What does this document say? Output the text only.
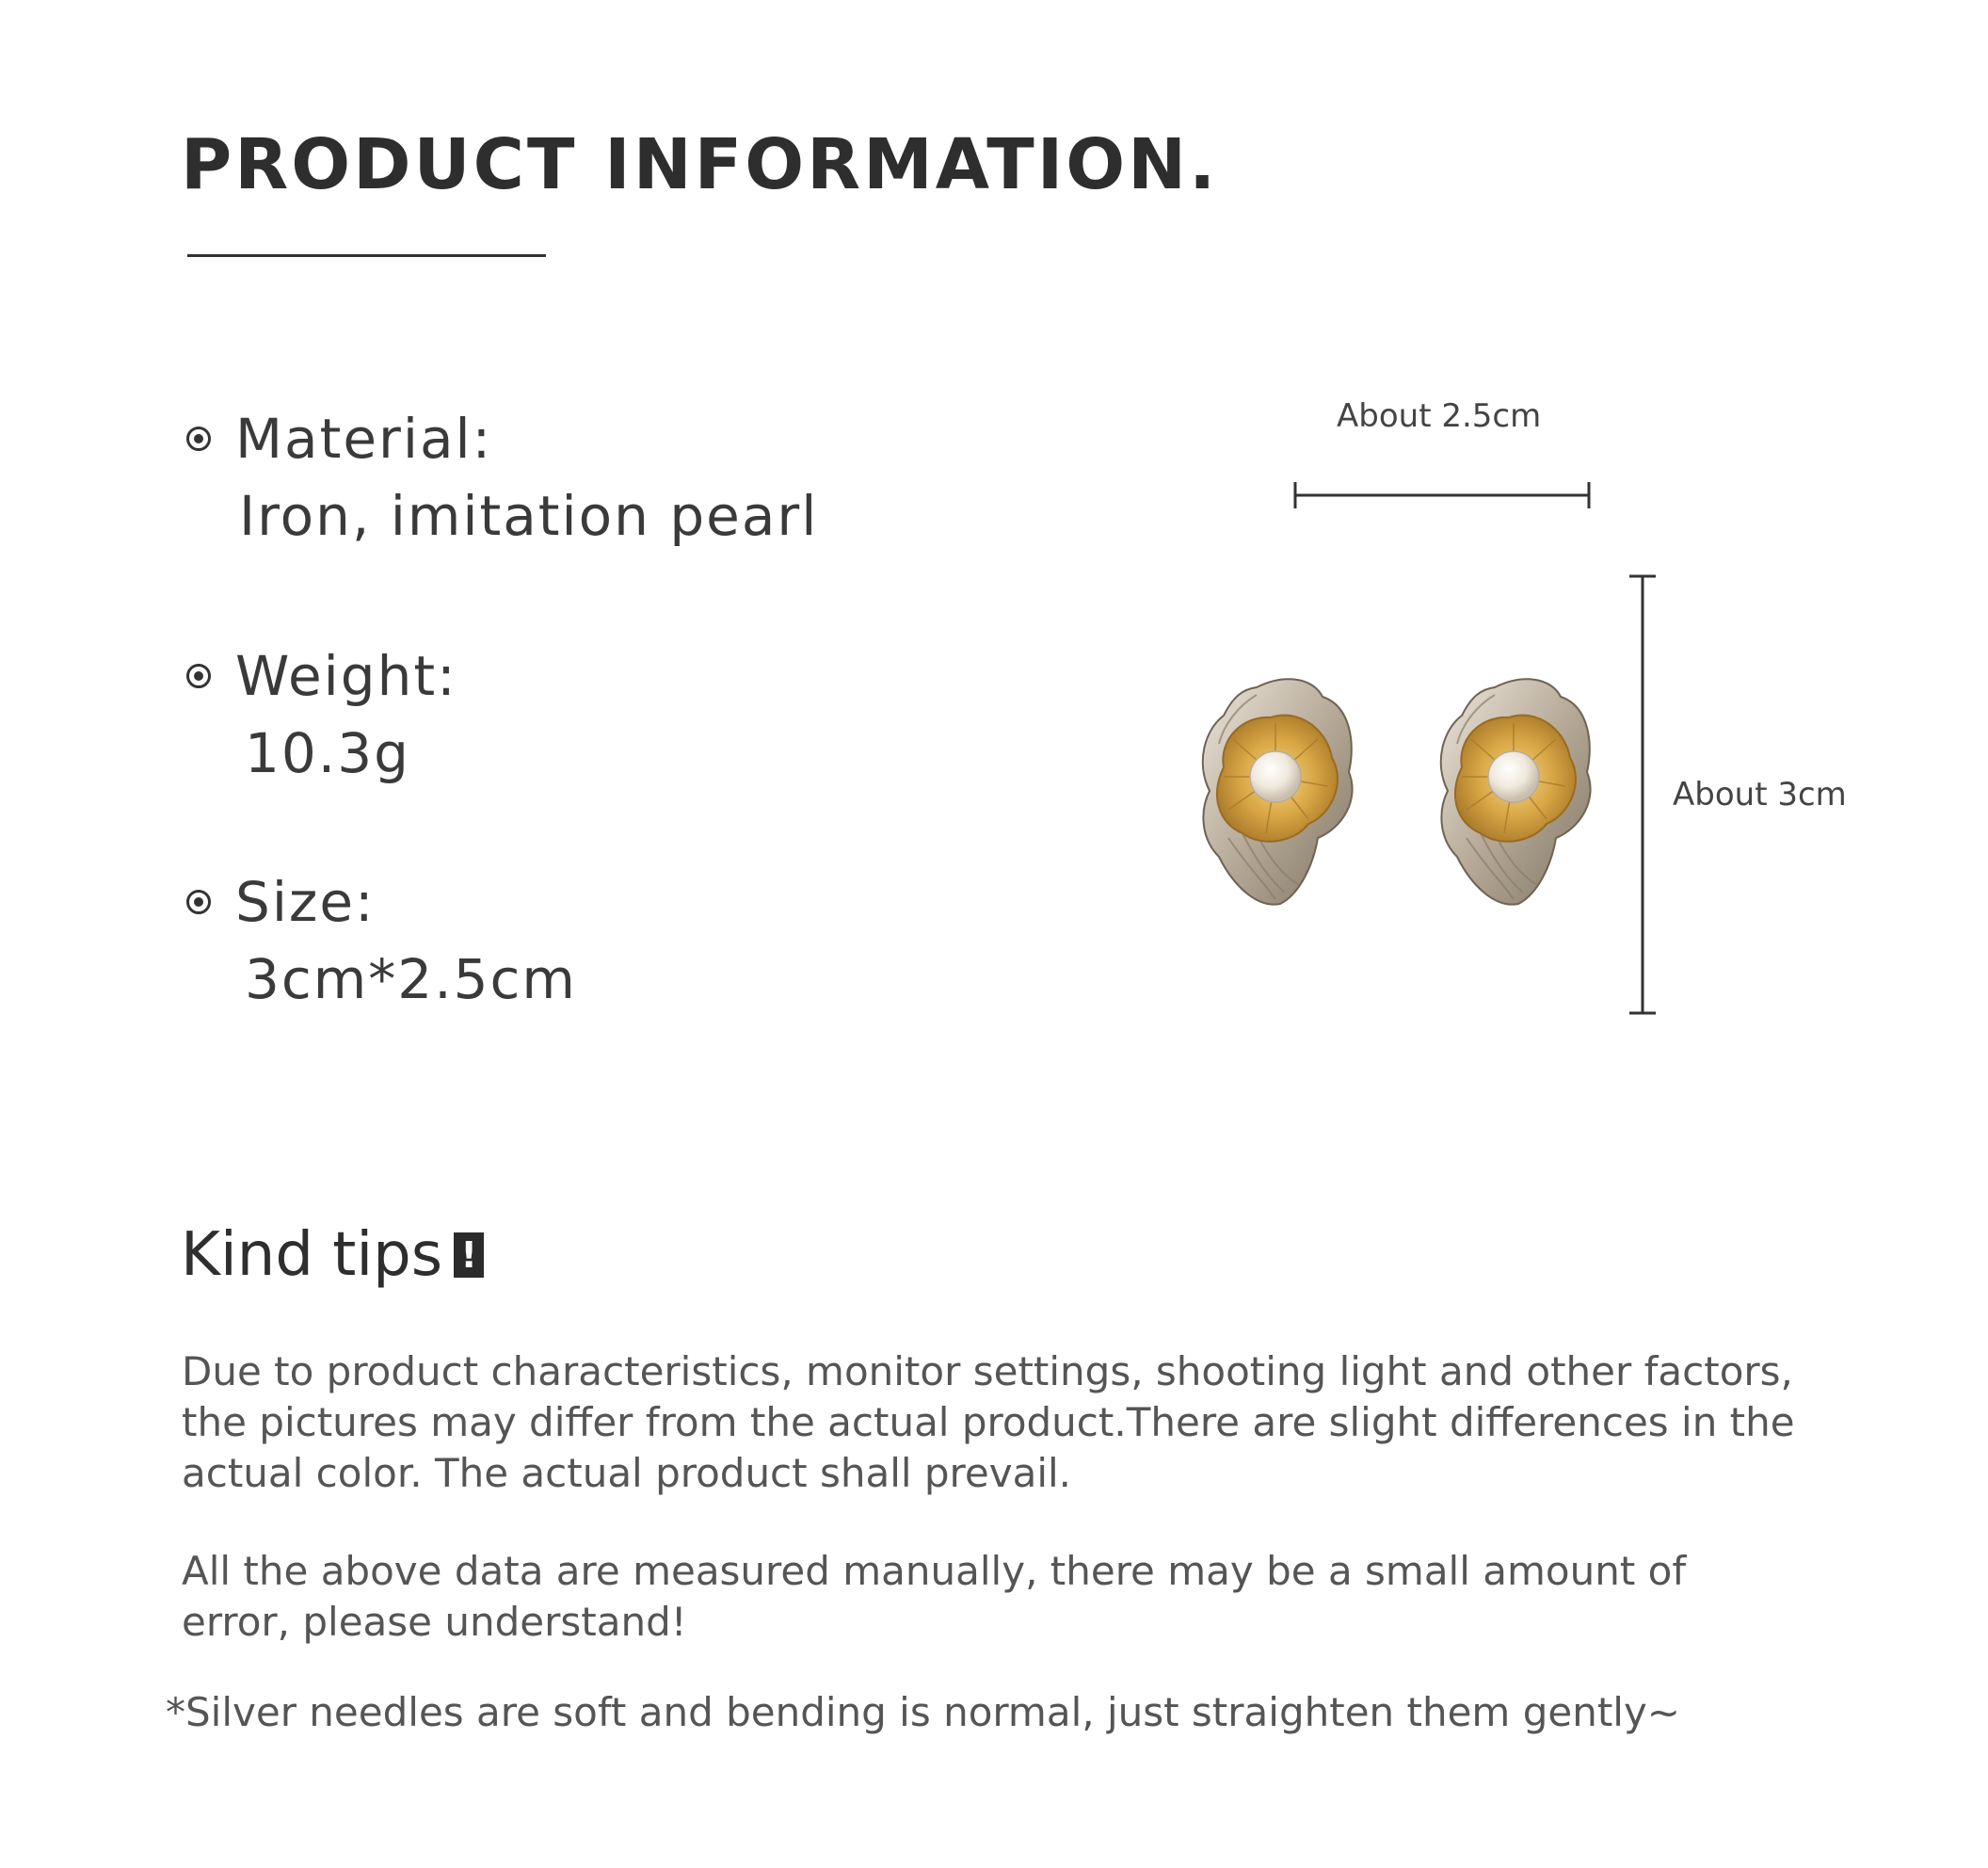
PRODUCT INFORMATION.
Material:
Iron, imitation pearl
Weight:
10.3g
Size:
3cm*2.5cm
About 2.5cm
About 3cm
Kind tips !

Due to product characteristics, monitor settings, shooting light and other factors, the pictures may differ from the actual product.There are slight differences in the actual color. The actual product shall prevail.

All the above data are measured manually, there may be a small amount of error, please understand!

*Silver needles are soft and bending is normal, just straighten them gently~
